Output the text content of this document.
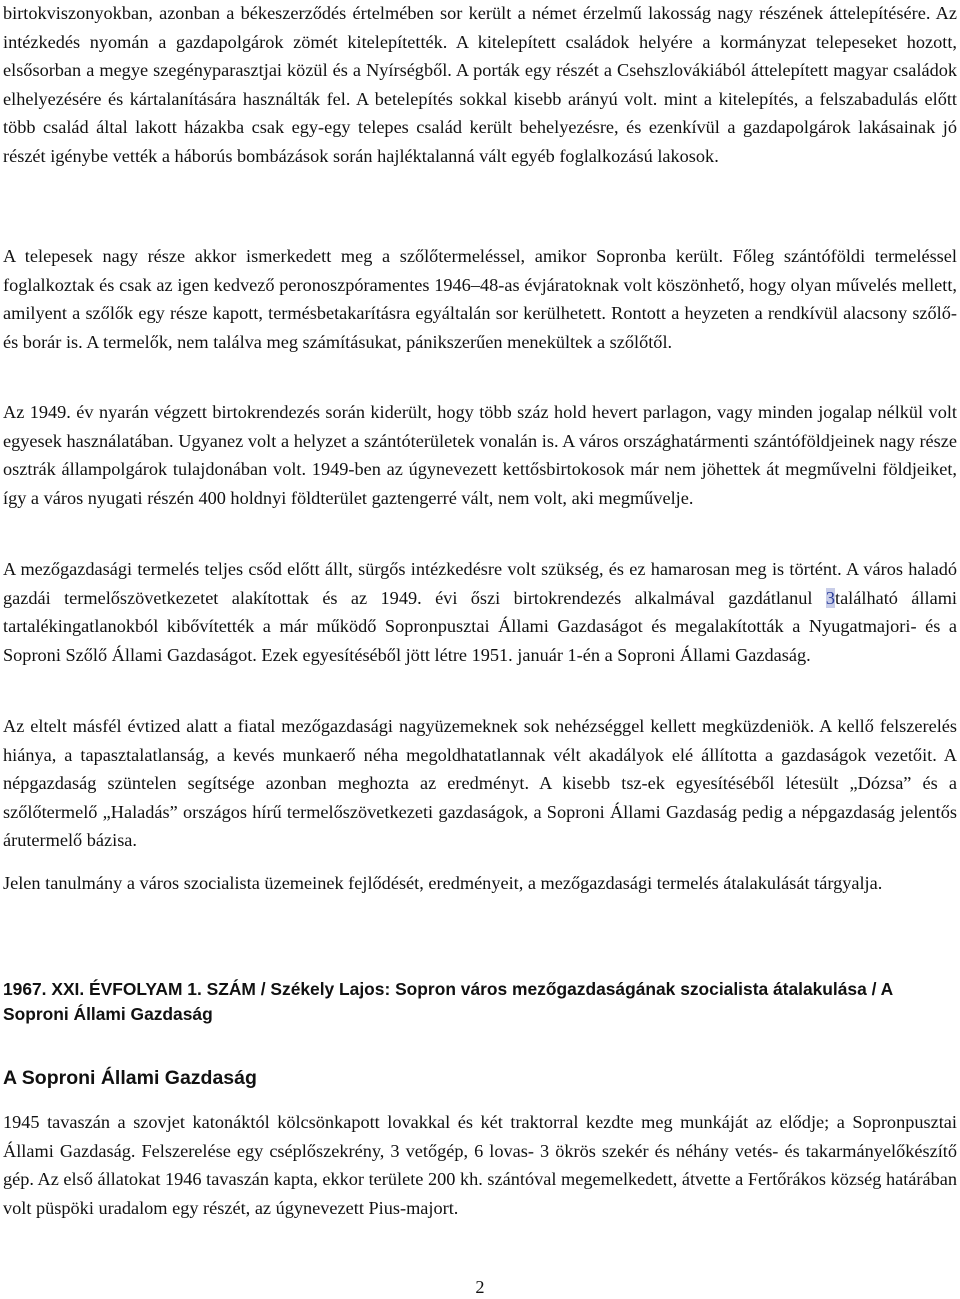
birtokviszonyokban, azonban a békeszerződés értelmében sor került a német érzelmű lakosság nagy részének áttelepítésére. Az intézkedés nyomán a gazdapolgárok zömét kitelepítették. A kitelepített családok helyére a kormányzat telepeseket hozott, elsősorban a megye szegényparasztjai közül és a Nyírségből. A porták egy részét a Csehszlovákiából áttelepített magyar családok elhelyezésére és kártalanítására használták fel. A betelepítés sokkal kisebb arányú volt. mint a kitelepítés, a felszabadulás előtt több család által lakott házakba csak egy-egy telepes család került behelyezésre, és ezenkívül a gazdapolgárok lakásainak jó részét igénybe vették a háborús bombázások során hajléktalanná vált egyéb foglalkozású lakosok.

A telepesek nagy része akkor ismerkedett meg a szőlőtermeléssel, amikor Sopronba került. Főleg szántóföldi termeléssel foglalkoztak és csak az igen kedvező peronoszpóramentes 1946–48-as évjáratoknak volt köszönhető, hogy olyan művelés mellett, amilyent a szőlők egy része kapott, termésbetakarításra egyáltalán sor kerülhetett. Rontott a heyzeten a rendkívül alacsony szőlő- és borár is. A termelők, nem találva meg számításukat, pánikszerűen menekültek a szőlőtől.

Az 1949. év nyarán végzett birtokrendezés során kiderült, hogy több száz hold hevert parlagon, vagy minden jogalap nélkül volt egyesek használatában. Ugyanez volt a helyzet a szántóterületek vonalán is. A város országhatármenti szántóföldjeinek nagy része osztrák állampolgárok tulajdonában volt. 1949-ben az úgynevezett kettősbirtokosok már nem jöhettek át megművelni földjeiket, így a város nyugati részén 400 holdnyi földterület gaztengerré vált, nem volt, aki megművelje.

A mezőgazdasági termelés teljes csőd előtt állt, sürgős intézkedésre volt szükség, és ez hamarosan meg is történt. A város haladó gazdái termelőszövetkezetet alakítottak és az 1949. évi őszi birtokrendezés alkalmával gazdátlanul 3található állami tartalékingatlanokból kibővítették a már működő Sopronpusztai Állami Gazdaságot és megalakították a Nyugatmajori- és a Soproni Szőlő Állami Gazdaságot. Ezek egyesítéséből jött létre 1951. január 1-én a Soproni Állami Gazdaság.

Az eltelt másfél évtized alatt a fiatal mezőgazdasági nagyüzemeknek sok nehézséggel kellett megküzdeniök. A kellő felszerelés hiánya, a tapasztalatlanság, a kevés munkaerő néha megoldhatatlannak vélt akadályok elé állította a gazdaságok vezetőit. A népgazdaság szüntelen segítsége azonban meghozta az eredményt. A kisebb tsz-ek egyesítéséből létesült „Dózsa” és a szőlőtermelő „Haladás” országos hírű termelőszövetkezeti gazdaságok, a Soproni Állami Gazdaság pedig a népgazdaság jelentős árutermelő bázisa.

Jelen tanulmány a város szocialista üzemeinek fejlődését, eredményeit, a mezőgazdasági termelés átalakulását tárgyalja.

1967. XXI. ÉVFOLYAM 1. SZÁM / Székely Lajos: Sopron város mezőgazdaságának szocialista átalakulása / A Soproni Állami Gazdaság

A Soproni Állami Gazdaság

1945 tavaszán a szovjet katonáktól kölcsönkapott lovakkal és két traktorral kezdte meg munkáját az elődje; a Sopronpusztai Állami Gazdaság. Felszerelése egy cséplőszekrény, 3 vetőgép, 6 lovas- 3 ökrös szekér és néhány vetés- és takarmányelőkészítő gép. Az első állatokat 1946 tavaszán kapta, ekkor területe 200 kh. szántóval megemelkedett, átvette a Fertőrákos község határában volt püspöki uradalom egy részét, az úgynevezett Pius-majort.

2
